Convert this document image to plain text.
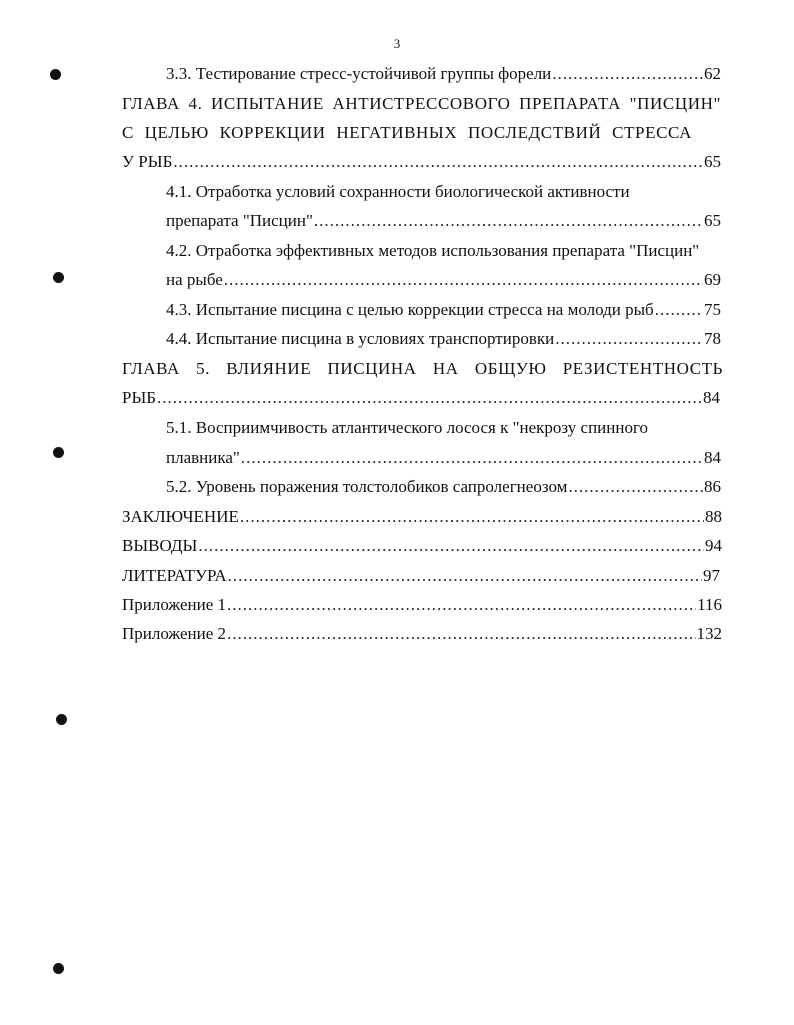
3
3.3. Тестирование стресс-устойчивой группы форели .....	62
ГЛАВА 4. ИСПЫТАНИЕ АНТИСТРЕССОВОГО ПРЕПАРАТА "ПИСЦИН"
С ЦЕЛЬЮ КОРРЕКЦИИ НЕГАТИВНЫХ ПОСЛЕДСТВИЙ СТРЕССА
У РЫБ .....	65
4.1. Отработка условий сохранности биологической активности
препарата "Писцин" .....	65
4.2. Отработка эффективных методов использования препарата "Писцин"
на рыбе .....	69
4.3. Испытание писцина с целью коррекции стресса на молоди рыб .....	75
4.4. Испытание писцина в условиях транспортировки .....	78
ГЛАВА 5. ВЛИЯНИЕ ПИСЦИНА НА ОБЩУЮ РЕЗИСТЕНТНОСТЬ
РЫБ .....	84
5.1. Восприимчивость атлантического лосося к "некрозу спинного
плавника" .....	84
5.2. Уровень поражения толстолобиков сапролегнеозом .....	86
ЗАКЛЮЧЕНИЕ .....	88
ВЫВОДЫ .....	94
ЛИТЕРАТУРА .....	97
Приложение 1 .....	116
Приложение 2 .....	132
